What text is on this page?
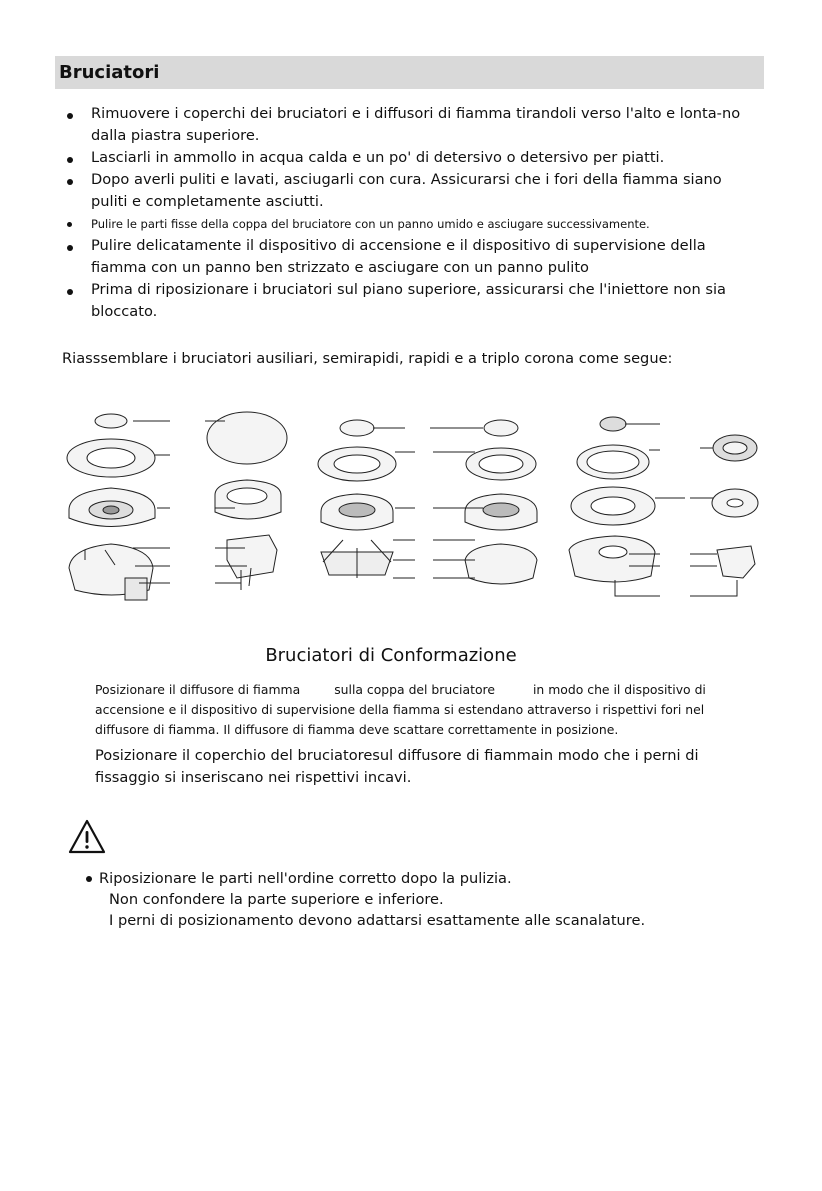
Bruciatori
Rimuovere i coperchi dei bruciatori e i diffusori di fiamma tirandoli verso l'alto e lonta-no dalla piastra superiore.
Lasciarli in ammollo in acqua calda e un po' di detersivo o detersivo per piatti.
Dopo averli puliti e lavati, asciugarli con cura. Assicurarsi che i fori della fiamma siano puliti e completamente asciutti.
Pulire le parti fisse della coppa del bruciatore con un panno umido e asciugare successivamente.
Pulire delicatamente il dispositivo di accensione e il dispositivo di supervisione della fiamma con un panno ben strizzato e asciugare con un panno pulito
Prima di riposizionare i bruciatori sul piano superiore, assicurarsi che l'iniettore non sia bloccato.
Riasssemblare i bruciatori ausiliari, semirapidi, rapidi e a triplo corona come segue:
Bruciatori di Conformazione
Posizionare il diffusore di fiamma	sulla coppa del bruciatore	in modo che il dispositivo di accensione e il dispositivo di supervisione della fiamma si estendano attraverso i rispettivi fori nel diffusore di fiamma. Il diffusore di fiamma deve scattare correttamente in posizione.
Posizionare il coperchio del bruciatoresul diffusore di fiammain modo che i perni di fissaggio si inseriscano nei rispettivi incavi.
Riposizionare le parti nell'ordine corretto dopo la pulizia.
Non confondere la parte superiore e inferiore.
I perni di posizionamento devono adattarsi esattamente alle scanalature.
